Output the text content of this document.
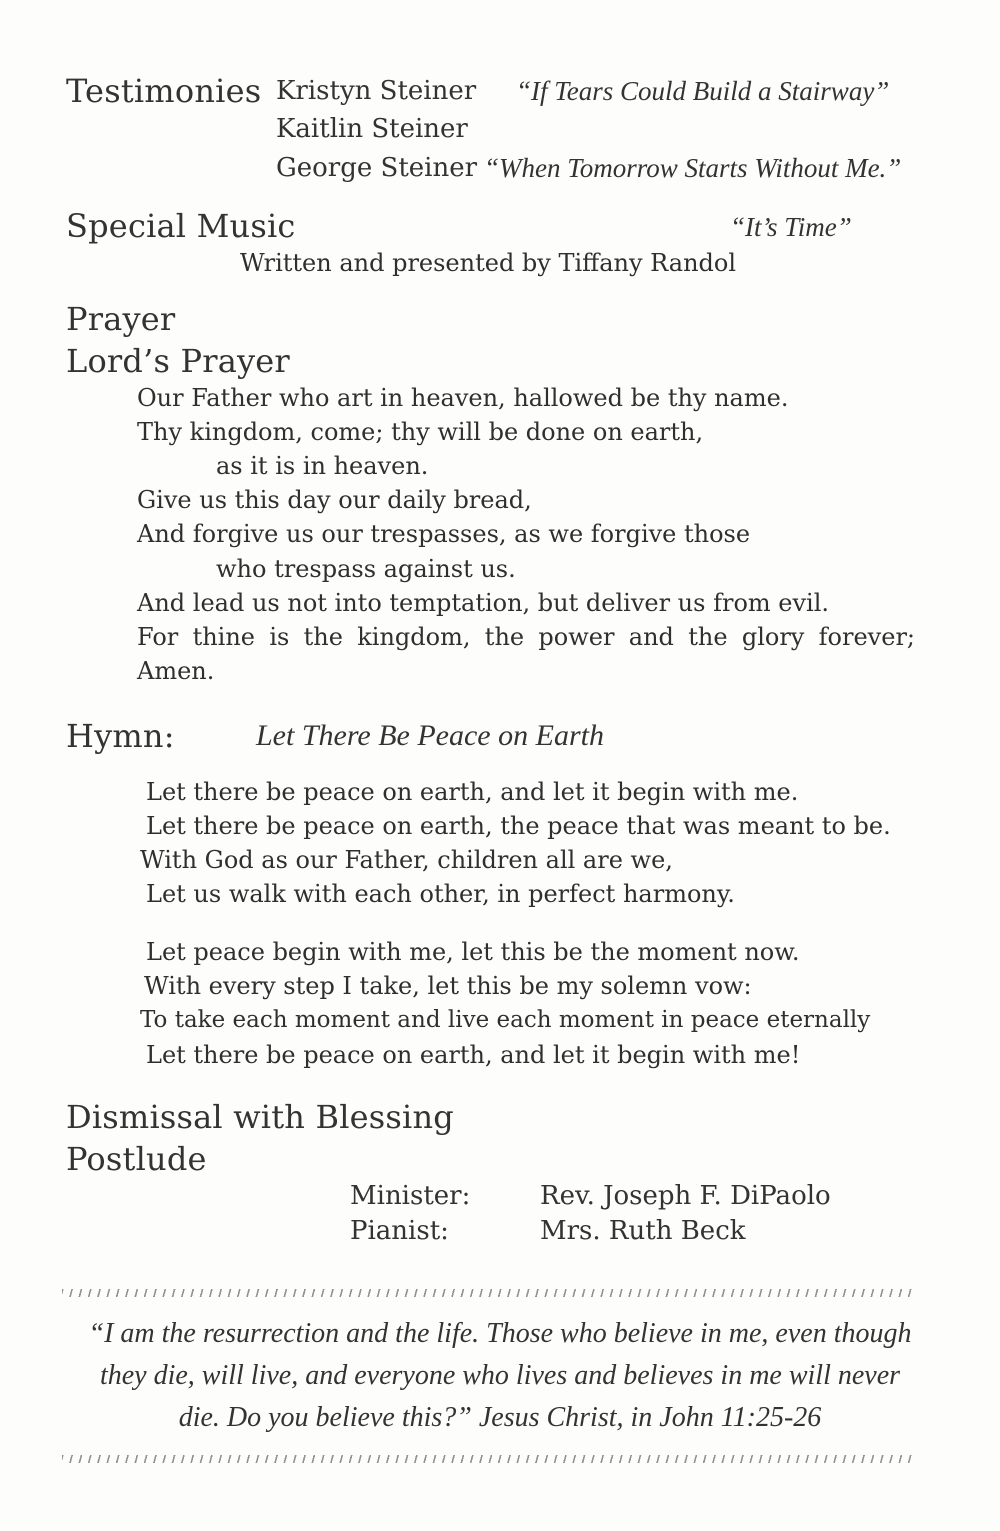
Testimonies Kristyn Steiner “If Tears Could Build a Stairway”
Kaitlin Steiner
George Steiner “When Tomorrow Starts Without Me.”
Special Music	“It’s Time”
Written and presented by Tiffany Randol
Prayer
Lord’s Prayer
Our Father who art in heaven, hallowed be thy name.
Thy kingdom, come; thy will be done on earth,
as it is in heaven.
Give us this day our daily bread,
And forgive us our trespasses, as we forgive those
who trespass against us.
And lead us not into temptation, but deliver us from evil.
For thine is the kingdom, the power and the glory forever;
Amen.
Hymn:	Let There Be Peace on Earth
Let there be peace on earth, and let it begin with me.
Let there be peace on earth, the peace that was meant to be.
With God as our Father, children all are we,
Let us walk with each other, in perfect harmony.
Let peace begin with me, let this be the moment now.
With every step I take, let this be my solemn vow:
To take each moment and live each moment in peace eternally
Let there be peace on earth, and let it begin with me!
Dismissal with Blessing
Postlude
Minister:	Rev. Joseph F. DiPaolo
Pianist:	Mrs. Ruth Beck
“I am the resurrection and the life. Those who believe in me, even though
they die, will live, and everyone who lives and believes in me will never
die. Do you believe this?” Jesus Christ, in John 11:25-26
